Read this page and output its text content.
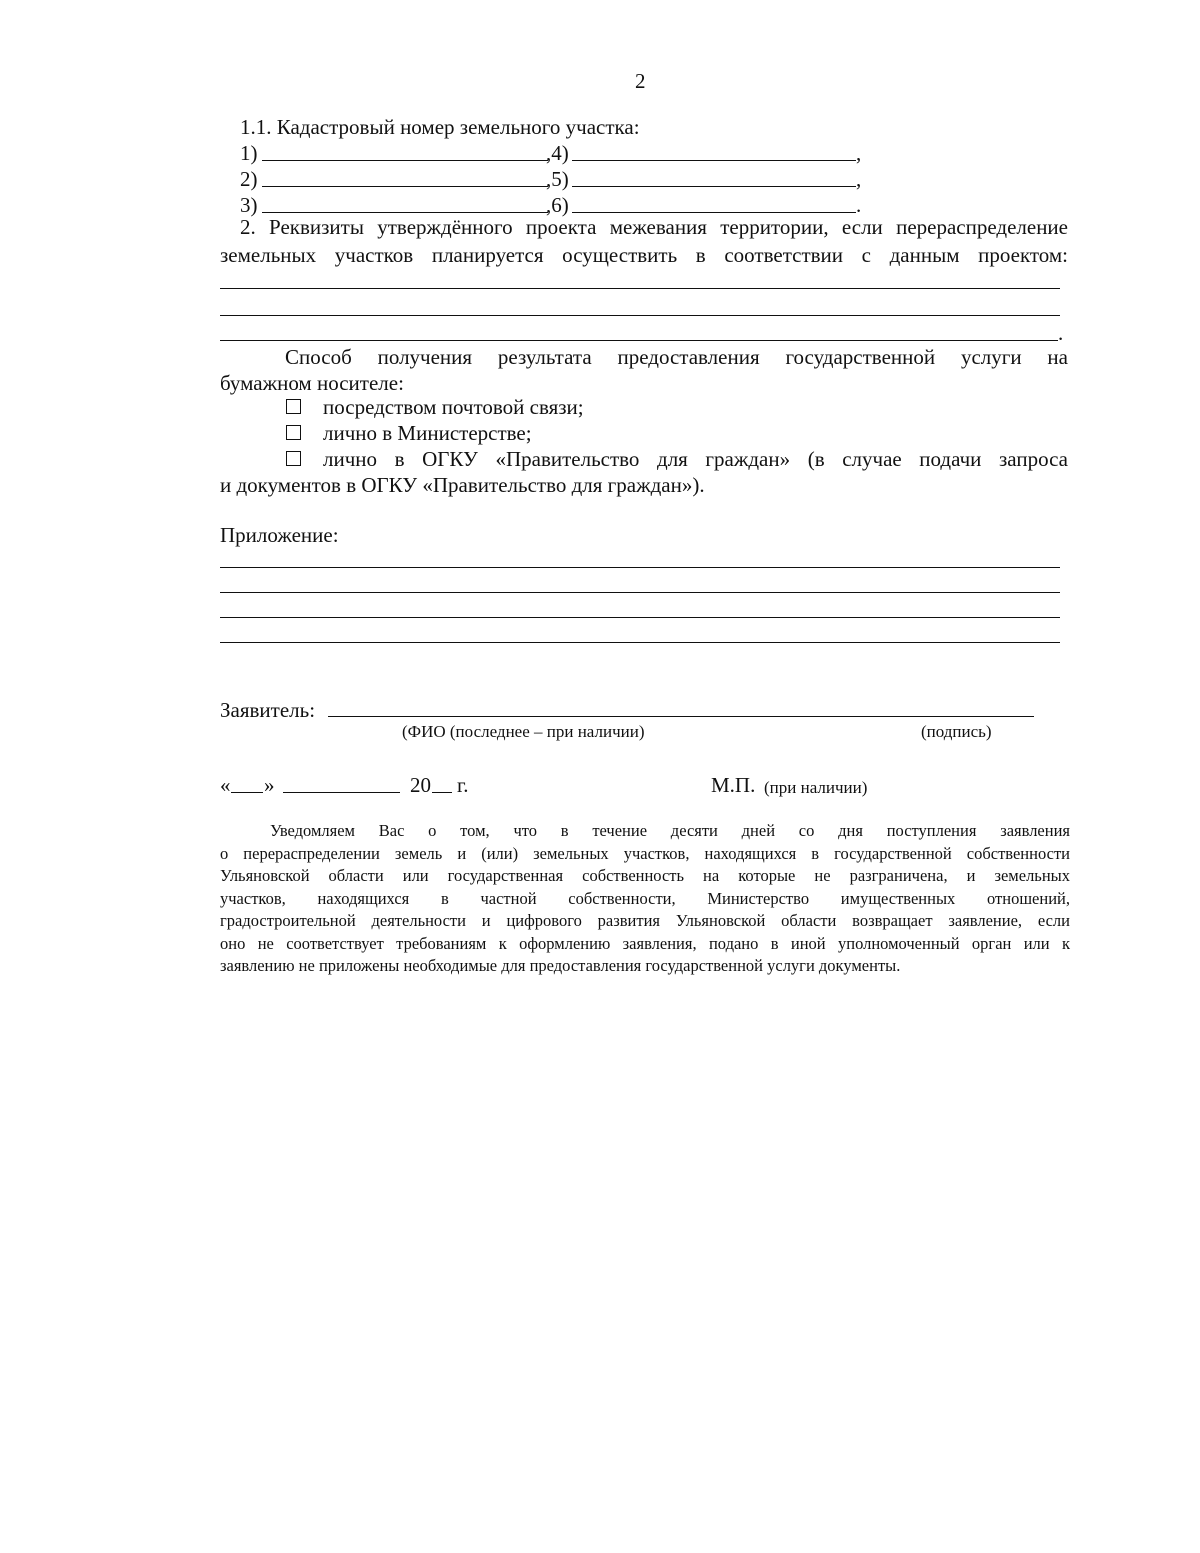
2
1.1. Кадастровый номер земельного участка:
1)	,4)	,
2)	,5)	,
3)	,6)	.
2. Реквизиты утверждённого проекта межевания территории, если перераспределение
земельных участков планируется осуществить в соответствии с данным проектом:
.
Способ получения результата предоставления государственной услуги на
бумажном носителе:
посредством почтовой связи;
лично в Министерстве;
лично в ОГКУ «Правительство для граждан» (в случае подачи запроса
и документов в ОГКУ «Правительство для граждан»).
Приложение:
Заявитель:
(ФИО (последнее – при наличии)	(подпись)
« »	20 г.	М.П. (при наличии)
Уведомляем Вас о том, что в течение десяти дней со дня поступления заявления
о перераспределении земель и (или) земельных участков, находящихся в государственной собственности
Ульяновской области или государственная собственность на которые не разграничена, и земельных
участков, находящихся в частной собственности, Министерство имущественных отношений,
градостроительной деятельности и цифрового развития Ульяновской области возвращает заявление, если
оно не соответствует требованиям к оформлению заявления, подано в иной уполномоченный орган или к
заявлению не приложены необходимые для предоставления государственной услуги документы.
